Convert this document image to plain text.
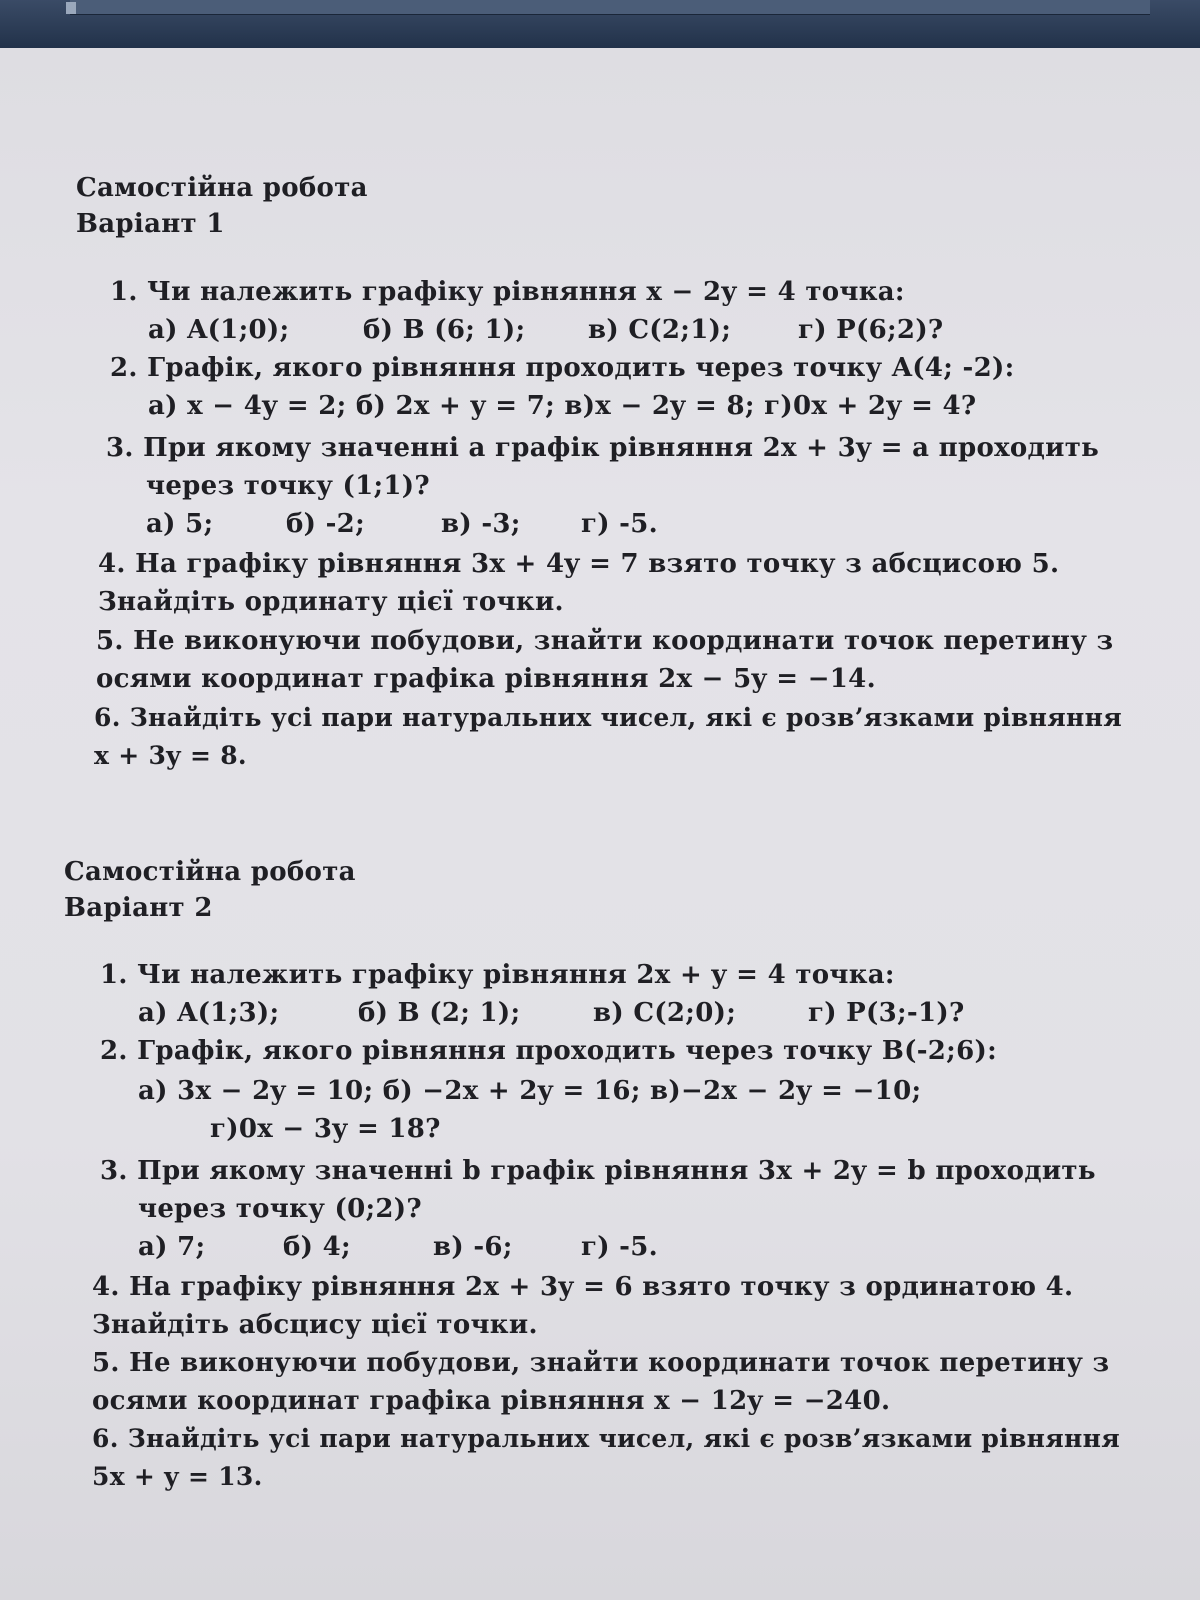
Самостійна робота
Варіант 1
1. Чи належить графіку рівняння x − 2y = 4 точка:
а) A(1;0);	б) B (6; 1); в) C(2;1);	г) P(6;2)?
2. Графік, якого рівняння проходить через точку A(4; -2):
а) x − 4y = 2; б) 2x + y = 7; в)x − 2y = 8; г)0x + 2y = 4?
3. При якому значенні a графік рівняння 2x + 3y = a проходить
через точку (1;1)?
а) 5;	б) -2;	в) -3; г) -5.
4. На графіку рівняння 3x + 4y = 7 взято точку з абсцисою 5.
Знайдіть ординату цієї точки.
5. Не виконуючи побудови, знайти координати точок перетину з
осями координат графіка рівняння 2x − 5y = −14.
6. Знайдіть усі пари натуральних чисел, які є розв’язками рівняння
x + 3y = 8.
Самостійна робота
Варіант 2
1. Чи належить графіку рівняння 2x + y = 4 точка:
а) A(1;3);	б) B (2; 1);	в) C(2;0);	г) P(3;-1)?
2. Графік, якого рівняння проходить через точку B(-2;6):
а) 3x − 2y = 10; б) −2x + 2y = 16; в)−2x − 2y = −10;
г)0x − 3y = 18?
3. При якому значенні b графік рівняння 3x + 2y = b проходить
через точку (0;2)?
а) 7;	б) 4;	в) -6;	г) -5.
4. На графіку рівняння 2x + 3y = 6 взято точку з ординатою 4.
Знайдіть абсцису цієї точки.
5. Не виконуючи побудови, знайти координати точок перетину з
осями координат графіка рівняння x − 12y = −240.
6. Знайдіть усі пари натуральних чисел, які є розв’язками рівняння
5x + y = 13.
